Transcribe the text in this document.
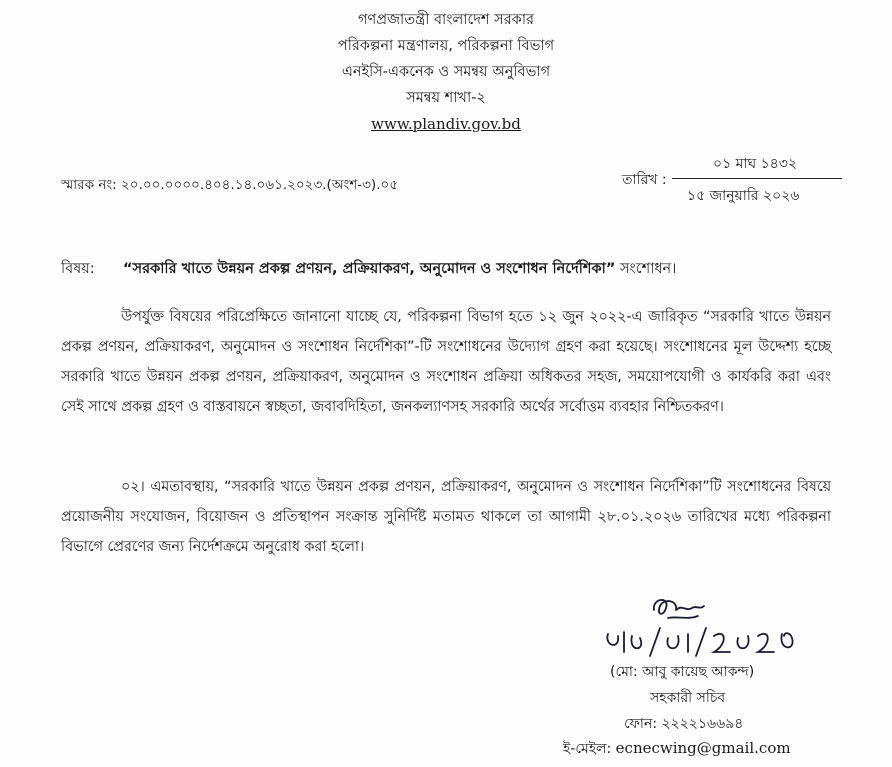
গণপ্রজাতন্ত্রী বাংলাদেশ সরকার
পরিকল্পনা মন্ত্রণালয়, পরিকল্পনা বিভাগ
এনইসি-একনেক ও সমন্বয় অনুবিভাগ
সমন্বয় শাখা-২
www.plandiv.gov.bd
স্মারক নং: ২০.০০.০০০০.৪০৪.১৪.০৬১.২০২৩.(অংশ-৩).০৫	তারিখ :
০১ মাঘ ১৪৩২
১৫ জানুয়ারি ২০২৬
বিষয়: “সরকারি খাতে উন্নয়ন প্রকল্প প্রণয়ন, প্রক্রিয়াকরণ, অনুমোদন ও সংশোধন নির্দেশিকা” সংশোধন।
উপর্যুক্ত বিষয়ের পরিপ্রেক্ষিতে জানানো যাচ্ছে যে, পরিকল্পনা বিভাগ হতে ১২ জুন ২০২২-এ জারিকৃত “সরকারি খাতে উন্নয়ন প্রকল্প প্রণয়ন, প্রক্রিয়াকরণ, অনুমোদন ও সংশোধন নির্দেশিকা”-টি সংশোধনের উদ্যোগ গ্রহণ করা হয়েছে। সংশোধনের মূল উদ্দেশ্য হচ্ছে সরকারি খাতে উন্নয়ন প্রকল্প প্রণয়ন, প্রক্রিয়াকরণ, অনুমোদন ও সংশোধন প্রক্রিয়া অধিকতর সহজ, সময়োপযোগী ও কার্যকরি করা এবং সেই সাথে প্রকল্প গ্রহণ ও বাস্তবায়নে স্বচ্ছতা, জবাবদিহিতা, জনকল্যাণসহ সরকারি অর্থের সর্বোত্তম ব্যবহার নিশ্চিতকরণ।
০২। এমতাবস্থায়, “সরকারি খাতে উন্নয়ন প্রকল্প প্রণয়ন, প্রক্রিয়াকরণ, অনুমোদন ও সংশোধন নির্দেশিকা”টি সংশোধনের বিষয়ে প্রয়োজনীয় সংযোজন, বিয়োজন ও প্রতিস্থাপন সংক্রান্ত সুনির্দিষ্ট মতামত থাকলে তা আগামী ২৮.০১.২০২৬ তারিখের মধ্যে পরিকল্পনা বিভাগে প্রেরণের জন্য নির্দেশক্রমে অনুরোধ করা হলো।
(মো: আবু কায়েছ আকন্দ)
সহকারী সচিব
ফোন: ২২২২১৬৬৯৪
ই-মেইল: ecnecwing@gmail.com
